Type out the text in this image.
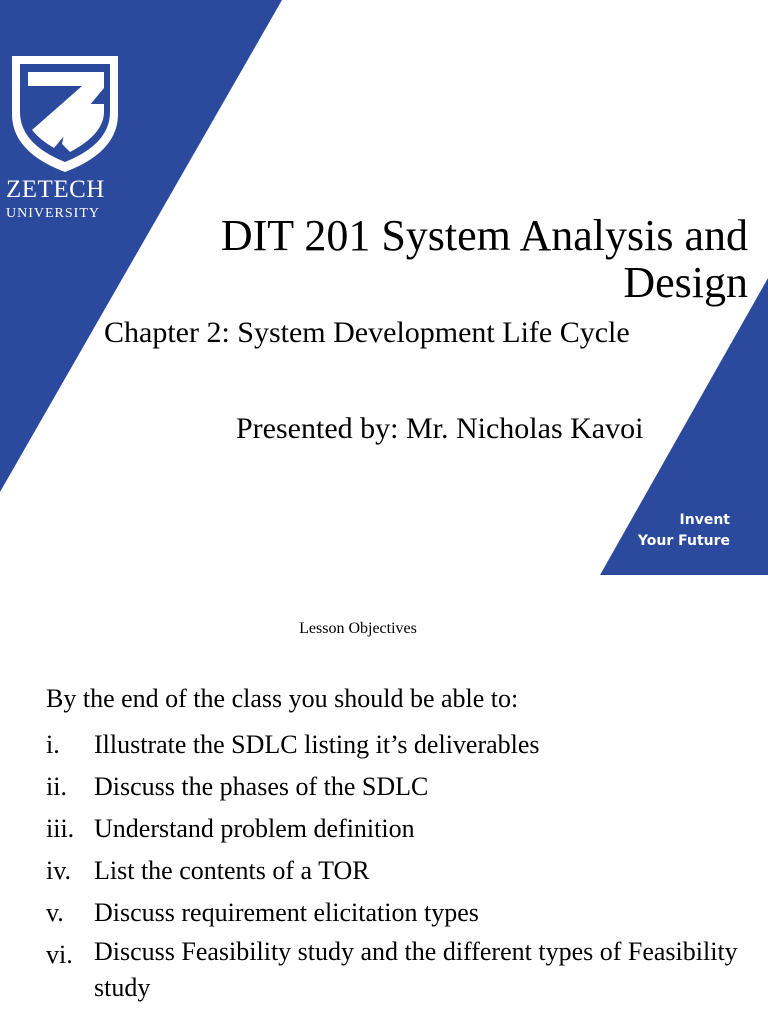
ZETECH
UNIVERSITY	DIT 201 System Analysis and Design
Chapter 2: System Development Life Cycle
Presented by: Mr. Nicholas Kavoi
Invent
Your Future
Lesson Objectives
By the end of the class you should be able to:
i. Illustrate the SDLC listing it’s deliverables
ii. Discuss the phases of the SDLC
iii. Understand problem definition
iv. List the contents of a TOR
v. Discuss requirement elicitation types
vi. Discuss Feasibility study and the different types of Feasibility study
